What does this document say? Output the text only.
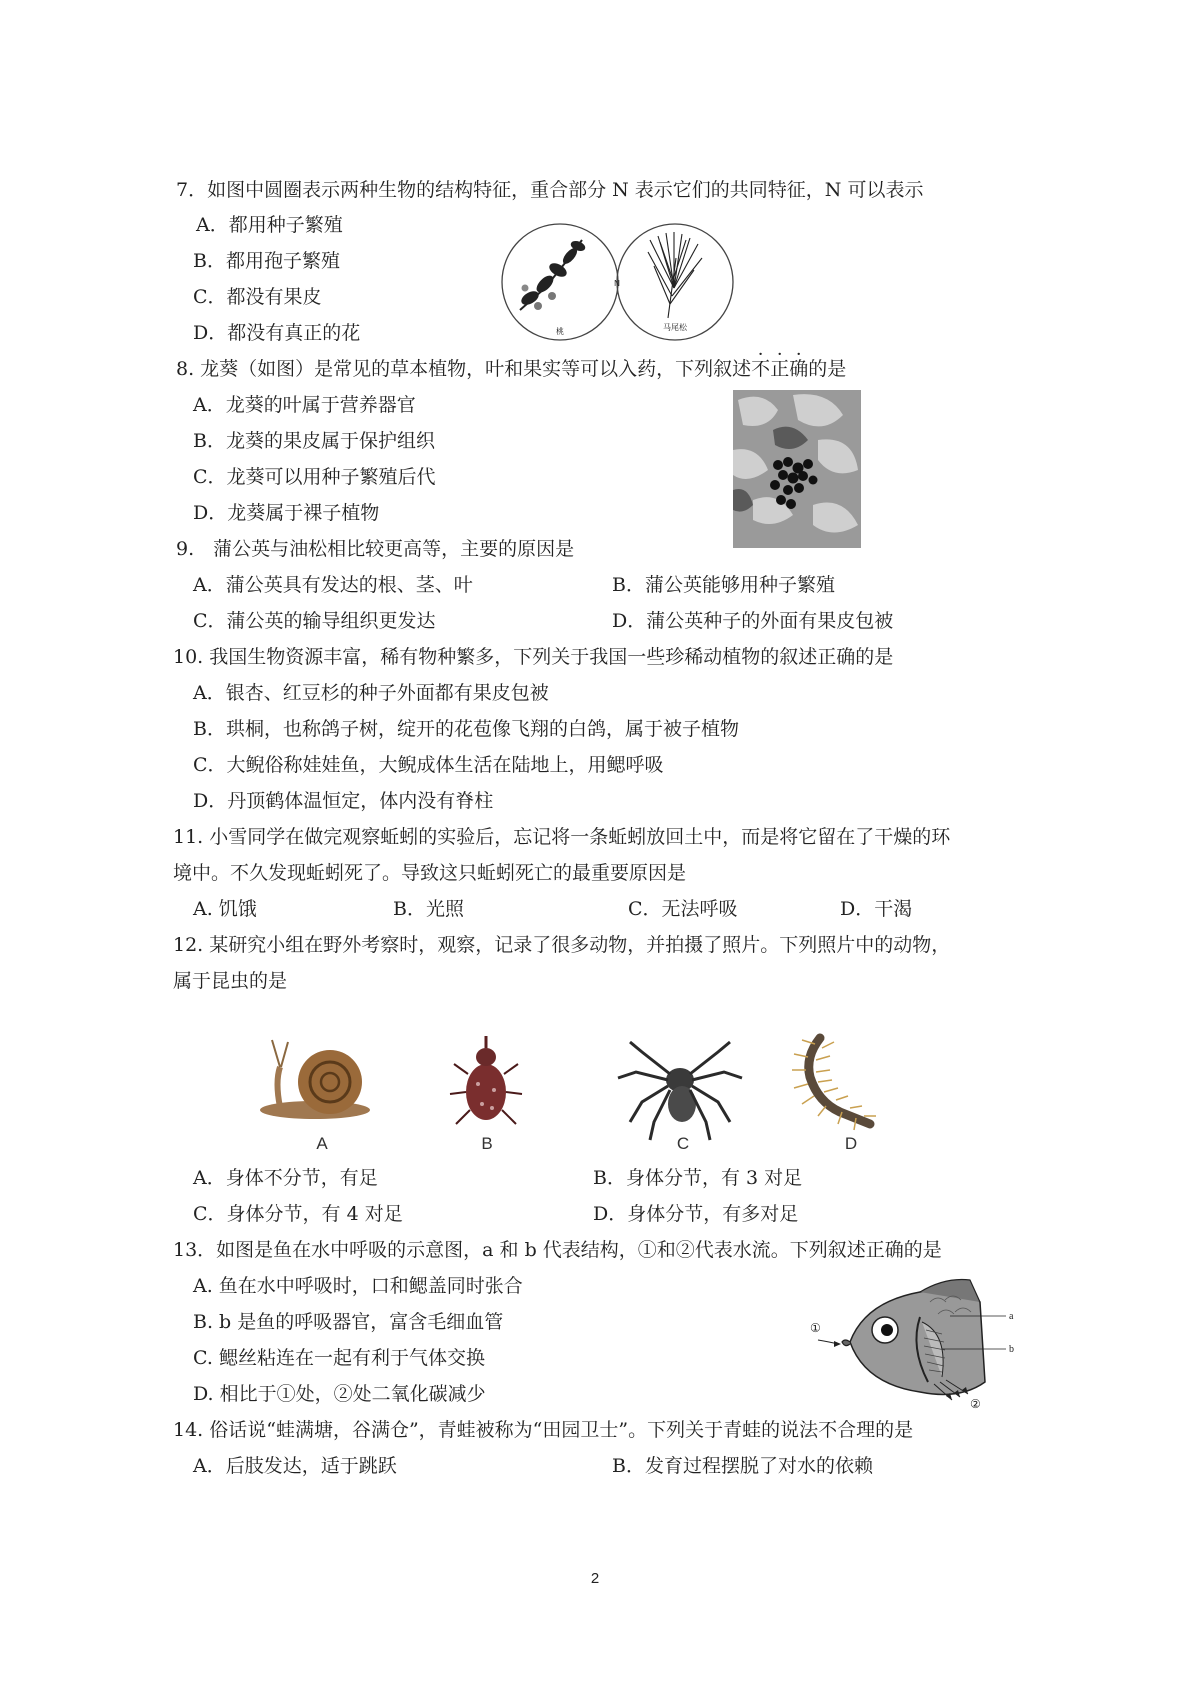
7．如图中圆圈表示两种生物的结构特征，重合部分 N 表示它们的共同特征，N 可以表示
A．都用种子繁殖
B．都用孢子繁殖
C．都没有果皮
D．都没有真正的花
N
桃	马尾松
8. 龙葵（如图）是常见的草本植物，叶和果实等可以入药，下列叙述不正确的是
A．龙葵的叶属于营养器官
B．龙葵的果皮属于保护组织
C．龙葵可以用种子繁殖后代
D．龙葵属于裸子植物
9.　蒲公英与油松相比较更高等，主要的原因是
A．蒲公英具有发达的根、茎、叶	B．蒲公英能够用种子繁殖
C．蒲公英的输导组织更发达	D．蒲公英种子的外面有果皮包被
10. 我国生物资源丰富，稀有物种繁多，下列关于我国一些珍稀动植物的叙述正确的是
A．银杏、红豆杉的种子外面都有果皮包被
B．珙桐，也称鸽子树，绽开的花苞像飞翔的白鸽，属于被子植物
C．大鲵俗称娃娃鱼，大鲵成体生活在陆地上，用鳃呼吸
D．丹顶鹤体温恒定，体内没有脊柱
11. 小雪同学在做完观察蚯蚓的实验后，忘记将一条蚯蚓放回土中，而是将它留在了干燥的环
境中。不久发现蚯蚓死了。导致这只蚯蚓死亡的最重要原因是
A. 饥饿	B．光照	C．无法呼吸	D．干渴
12. 某研究小组在野外考察时，观察，记录了很多动物，并拍摄了照片。下列照片中的动物，
属于昆虫的是
A	B	C	D
A．身体不分节，有足	B．身体分节，有 3 对足
C．身体分节，有 4 对足	D．身体分节，有多对足
13．如图是鱼在水中呼吸的示意图，a 和 b 代表结构，①和②代表水流。下列叙述正确的是
A. 鱼在水中呼吸时，口和鳃盖同时张合
B. b 是鱼的呼吸器官，富含毛细血管
C. 鳃丝粘连在一起有利于气体交换
D. 相比于①处，②处二氧化碳减少
①
②
a
b
14. 俗话说“蛙满塘，谷满仓”，青蛙被称为“田园卫士”。下列关于青蛙的说法不合理的是
A．后肢发达，适于跳跃	B．发育过程摆脱了对水的依赖
2
